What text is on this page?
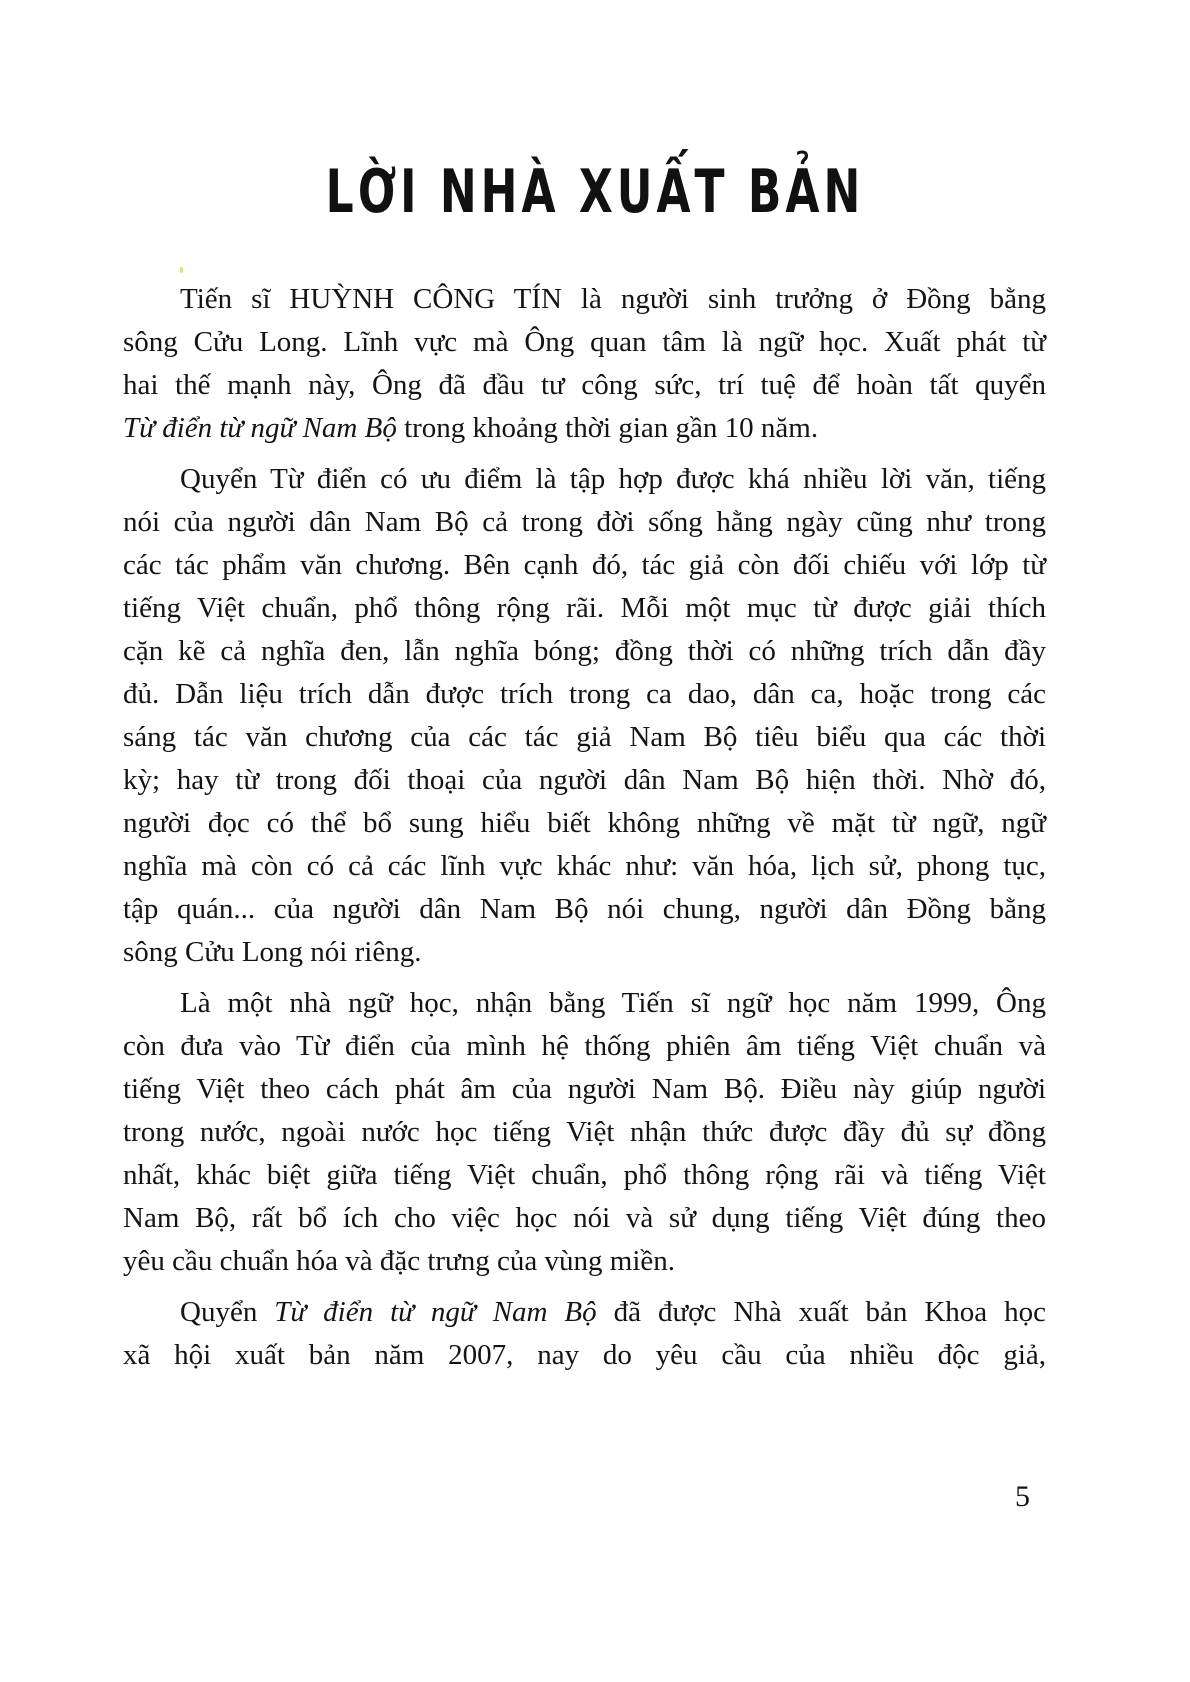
LỜI NHÀ XUẤT BẢN
Tiến sĩ HUỲNH CÔNG TÍN là người sinh trưởng ở Đồng bằng
sông Cửu Long. Lĩnh vực mà Ông quan tâm là ngữ học. Xuất phát từ
hai thế mạnh này, Ông đã đầu tư công sức, trí tuệ để hoàn tất quyển
Từ điển từ ngữ Nam Bộ trong khoảng thời gian gần 10 năm.
Quyển Từ điển có ưu điểm là tập hợp được khá nhiều lời văn, tiếng
nói của người dân Nam Bộ cả trong đời sống hằng ngày cũng như trong
các tác phẩm văn chương. Bên cạnh đó, tác giả còn đối chiếu với lớp từ
tiếng Việt chuẩn, phổ thông rộng rãi. Mỗi một mục từ được giải thích
cặn kẽ cả nghĩa đen, lẫn nghĩa bóng; đồng thời có những trích dẫn đầy
đủ. Dẫn liệu trích dẫn được trích trong ca dao, dân ca, hoặc trong các
sáng tác văn chương của các tác giả Nam Bộ tiêu biểu qua các thời
kỳ; hay từ trong đối thoại của người dân Nam Bộ hiện thời. Nhờ đó,
người đọc có thể bổ sung hiểu biết không những về mặt từ ngữ, ngữ
nghĩa mà còn có cả các lĩnh vực khác như: văn hóa, lịch sử, phong tục,
tập quán... của người dân Nam Bộ nói chung, người dân Đồng bằng
sông Cửu Long nói riêng.
Là một nhà ngữ học, nhận bằng Tiến sĩ ngữ học năm 1999, Ông
còn đưa vào Từ điển của mình hệ thống phiên âm tiếng Việt chuẩn và
tiếng Việt theo cách phát âm của người Nam Bộ. Điều này giúp người
trong nước, ngoài nước học tiếng Việt nhận thức được đầy đủ sự đồng
nhất, khác biệt giữa tiếng Việt chuẩn, phổ thông rộng rãi và tiếng Việt
Nam Bộ, rất bổ ích cho việc học nói và sử dụng tiếng Việt đúng theo
yêu cầu chuẩn hóa và đặc trưng của vùng miền.
Quyển Từ điển từ ngữ Nam Bộ đã được Nhà xuất bản Khoa học
xã hội xuất bản năm 2007, nay do yêu cầu của nhiều độc giả,
5
